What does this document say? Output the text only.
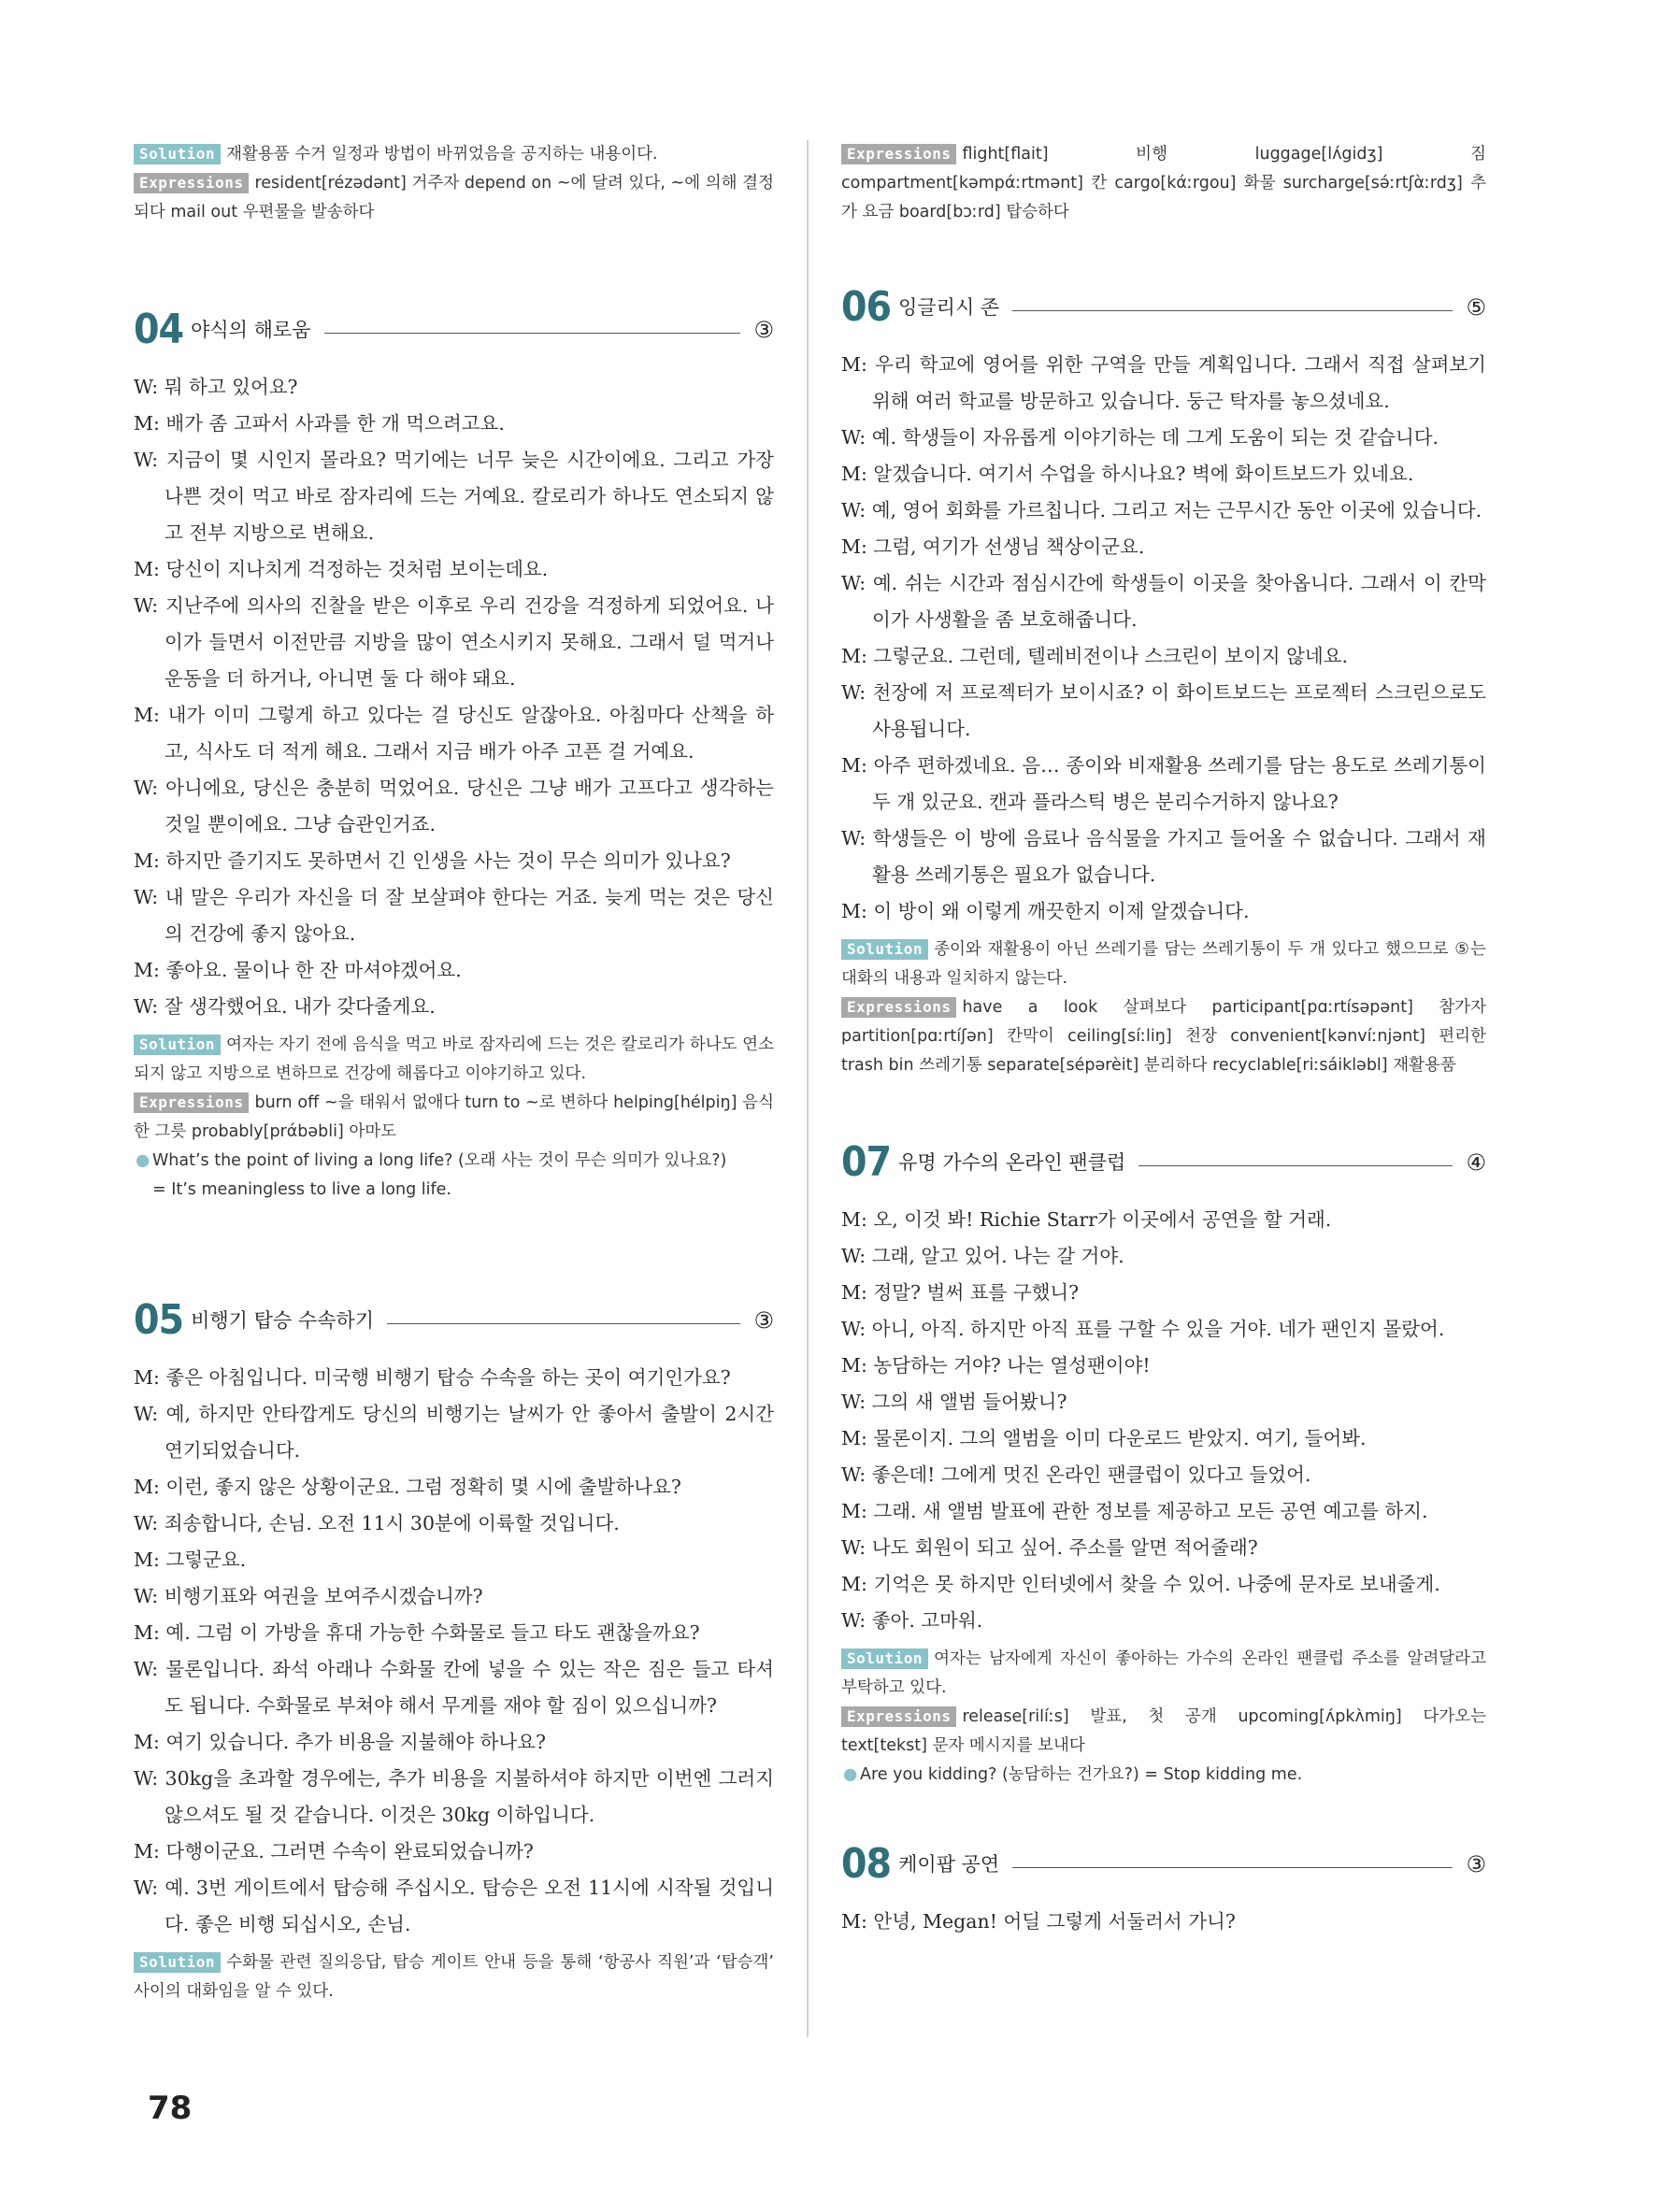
Solution 재활용품 수거 일정과 방법이 바뀌었음을 공지하는 내용이다.
Expressions resident[rézədənt] 거주자 depend on ~에 달려 있다, ~에 의해 결정되다 mail out 우편물을 발송하다
04 야식의 해로움	③
W: 뭐 하고 있어요?
M: 배가 좀 고파서 사과를 한 개 먹으려고요.
W: 지금이 몇 시인지 몰라요? 먹기에는 너무 늦은 시간이에요. 그리고 가장 나쁜 것이 먹고 바로 잠자리에 드는 거예요. 칼로리가 하나도 연소되지 않고 전부 지방으로 변해요.
M: 당신이 지나치게 걱정하는 것처럼 보이는데요.
W: 지난주에 의사의 진찰을 받은 이후로 우리 건강을 걱정하게 되었어요. 나이가 들면서 이전만큼 지방을 많이 연소시키지 못해요. 그래서 덜 먹거나 운동을 더 하거나, 아니면 둘 다 해야 돼요.
M: 내가 이미 그렇게 하고 있다는 걸 당신도 알잖아요. 아침마다 산책을 하고, 식사도 더 적게 해요. 그래서 지금 배가 아주 고픈 걸 거예요.
W: 아니에요, 당신은 충분히 먹었어요. 당신은 그냥 배가 고프다고 생각하는 것일 뿐이에요. 그냥 습관인거죠.
M: 하지만 즐기지도 못하면서 긴 인생을 사는 것이 무슨 의미가 있나요?
W: 내 말은 우리가 자신을 더 잘 보살펴야 한다는 거죠. 늦게 먹는 것은 당신의 건강에 좋지 않아요.
M: 좋아요. 물이나 한 잔 마셔야겠어요.
W: 잘 생각했어요. 내가 갖다줄게요.
Solution 여자는 자기 전에 음식을 먹고 바로 잠자리에 드는 것은 칼로리가 하나도 연소되지 않고 지방으로 변하므로 건강에 해롭다고 이야기하고 있다.
Expressions burn off ~을 태워서 없애다 turn to ~로 변하다 helping[hélpiŋ] 음식 한 그릇 probably[prάbəbli] 아마도
● What’s the point of living a long life? (오래 사는 것이 무슨 의미가 있나요?)
= It’s meaningless to live a long life.
05 비행기 탑승 수속하기	③
M: 좋은 아침입니다. 미국행 비행기 탑승 수속을 하는 곳이 여기인가요?
W: 예, 하지만 안타깝게도 당신의 비행기는 날씨가 안 좋아서 출발이 2시간 연기되었습니다.
M: 이런, 좋지 않은 상황이군요. 그럼 정확히 몇 시에 출발하나요?
W: 죄송합니다, 손님. 오전 11시 30분에 이륙할 것입니다.
M: 그렇군요.
W: 비행기표와 여권을 보여주시겠습니까?
M: 예. 그럼 이 가방을 휴대 가능한 수화물로 들고 타도 괜찮을까요?
W: 물론입니다. 좌석 아래나 수화물 칸에 넣을 수 있는 작은 짐은 들고 타셔도 됩니다. 수화물로 부쳐야 해서 무게를 재야 할 짐이 있으십니까?
M: 여기 있습니다. 추가 비용을 지불해야 하나요?
W: 30kg을 초과할 경우에는, 추가 비용을 지불하셔야 하지만 이번엔 그러지 않으셔도 될 것 같습니다. 이것은 30kg 이하입니다.
M: 다행이군요. 그러면 수속이 완료되었습니까?
W: 예. 3번 게이트에서 탑승해 주십시오. 탑승은 오전 11시에 시작될 것입니다. 좋은 비행 되십시오, 손님.
Solution 수화물 관련 질의응답, 탑승 게이트 안내 등을 통해 ‘항공사 직원’과 ‘탑승객’ 사이의 대화임을 알 수 있다.
Expressions flight[flait] 비행 luggage[lʌ́gidʒ] 짐 compartment[kəmpάːrtmənt] 칸 cargo[kάːrgou] 화물 surcharge[sə́ːrtʃὰːrdʒ] 추가 요금 board[bɔːrd] 탑승하다
06 잉글리시 존	⑤
M: 우리 학교에 영어를 위한 구역을 만들 계획입니다. 그래서 직접 살펴보기 위해 여러 학교를 방문하고 있습니다. 둥근 탁자를 놓으셨네요.
W: 예. 학생들이 자유롭게 이야기하는 데 그게 도움이 되는 것 같습니다.
M: 알겠습니다. 여기서 수업을 하시나요? 벽에 화이트보드가 있네요.
W: 예, 영어 회화를 가르칩니다. 그리고 저는 근무시간 동안 이곳에 있습니다.
M: 그럼, 여기가 선생님 책상이군요.
W: 예. 쉬는 시간과 점심시간에 학생들이 이곳을 찾아옵니다. 그래서 이 칸막이가 사생활을 좀 보호해줍니다.
M: 그렇군요. 그런데, 텔레비전이나 스크린이 보이지 않네요.
W: 천장에 저 프로젝터가 보이시죠? 이 화이트보드는 프로젝터 스크린으로도 사용됩니다.
M: 아주 편하겠네요. 음… 종이와 비재활용 쓰레기를 담는 용도로 쓰레기통이 두 개 있군요. 캔과 플라스틱 병은 분리수거하지 않나요?
W: 학생들은 이 방에 음료나 음식물을 가지고 들어올 수 없습니다. 그래서 재활용 쓰레기통은 필요가 없습니다.
M: 이 방이 왜 이렇게 깨끗한지 이제 알겠습니다.
Solution 종이와 재활용이 아닌 쓰레기를 담는 쓰레기통이 두 개 있다고 했으므로 ⑤는 대화의 내용과 일치하지 않는다.
Expressions have a look 살펴보다 participant[pɑːrtísəpənt] 참가자 partition[pɑːrtíʃən] 칸막이 ceiling[síːliŋ] 천장 convenient[kənvíːnjənt] 편리한 trash bin 쓰레기통 separate[sépərèit] 분리하다 recyclable[riːsáikləbl] 재활용품
07 유명 가수의 온라인 팬클럽	④
M: 오, 이것 봐! Richie Starr가 이곳에서 공연을 할 거래.
W: 그래, 알고 있어. 나는 갈 거야.
M: 정말? 벌써 표를 구했니?
W: 아니, 아직. 하지만 아직 표를 구할 수 있을 거야. 네가 팬인지 몰랐어.
M: 농담하는 거야? 나는 열성팬이야!
W: 그의 새 앨범 들어봤니?
M: 물론이지. 그의 앨범을 이미 다운로드 받았지. 여기, 들어봐.
W: 좋은데! 그에게 멋진 온라인 팬클럽이 있다고 들었어.
M: 그래. 새 앨범 발표에 관한 정보를 제공하고 모든 공연 예고를 하지.
W: 나도 회원이 되고 싶어. 주소를 알면 적어줄래?
M: 기억은 못 하지만 인터넷에서 찾을 수 있어. 나중에 문자로 보내줄게.
W: 좋아. 고마워.
Solution 여자는 남자에게 자신이 좋아하는 가수의 온라인 팬클럽 주소를 알려달라고 부탁하고 있다.
Expressions release[rilíːs] 발표, 첫 공개 upcoming[ʌ́pkʌ̀miŋ] 다가오는 text[tekst] 문자 메시지를 보내다
● Are you kidding? (농담하는 건가요?) = Stop kidding me.
08 케이팝 공연	③
M: 안녕, Megan! 어딜 그렇게 서둘러서 가니?
78
